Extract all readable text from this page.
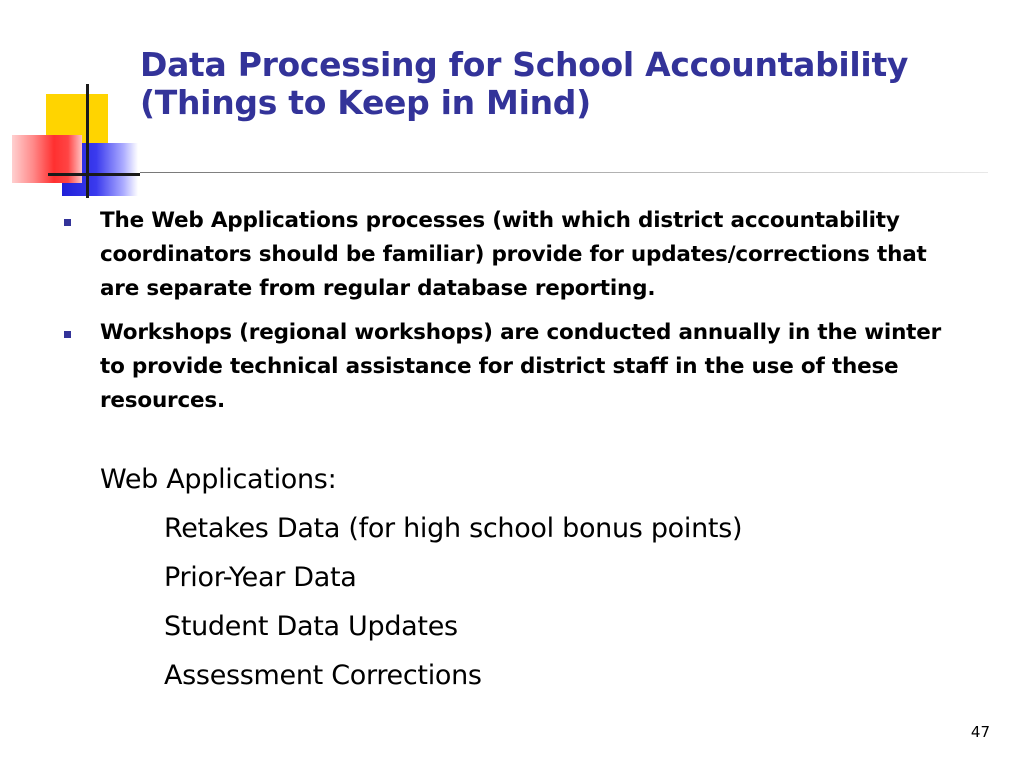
Data Processing for School Accountability
(Things to Keep in Mind)
The Web Applications processes (with which district accountability coordinators should be familiar) provide for updates/corrections that are separate from regular database reporting.
Workshops (regional workshops) are conducted annually in the winter to provide technical assistance for district staff in the use of these resources.
Web Applications:
Retakes Data (for high school bonus points)
Prior-Year Data
Student Data Updates
Assessment Corrections
47
